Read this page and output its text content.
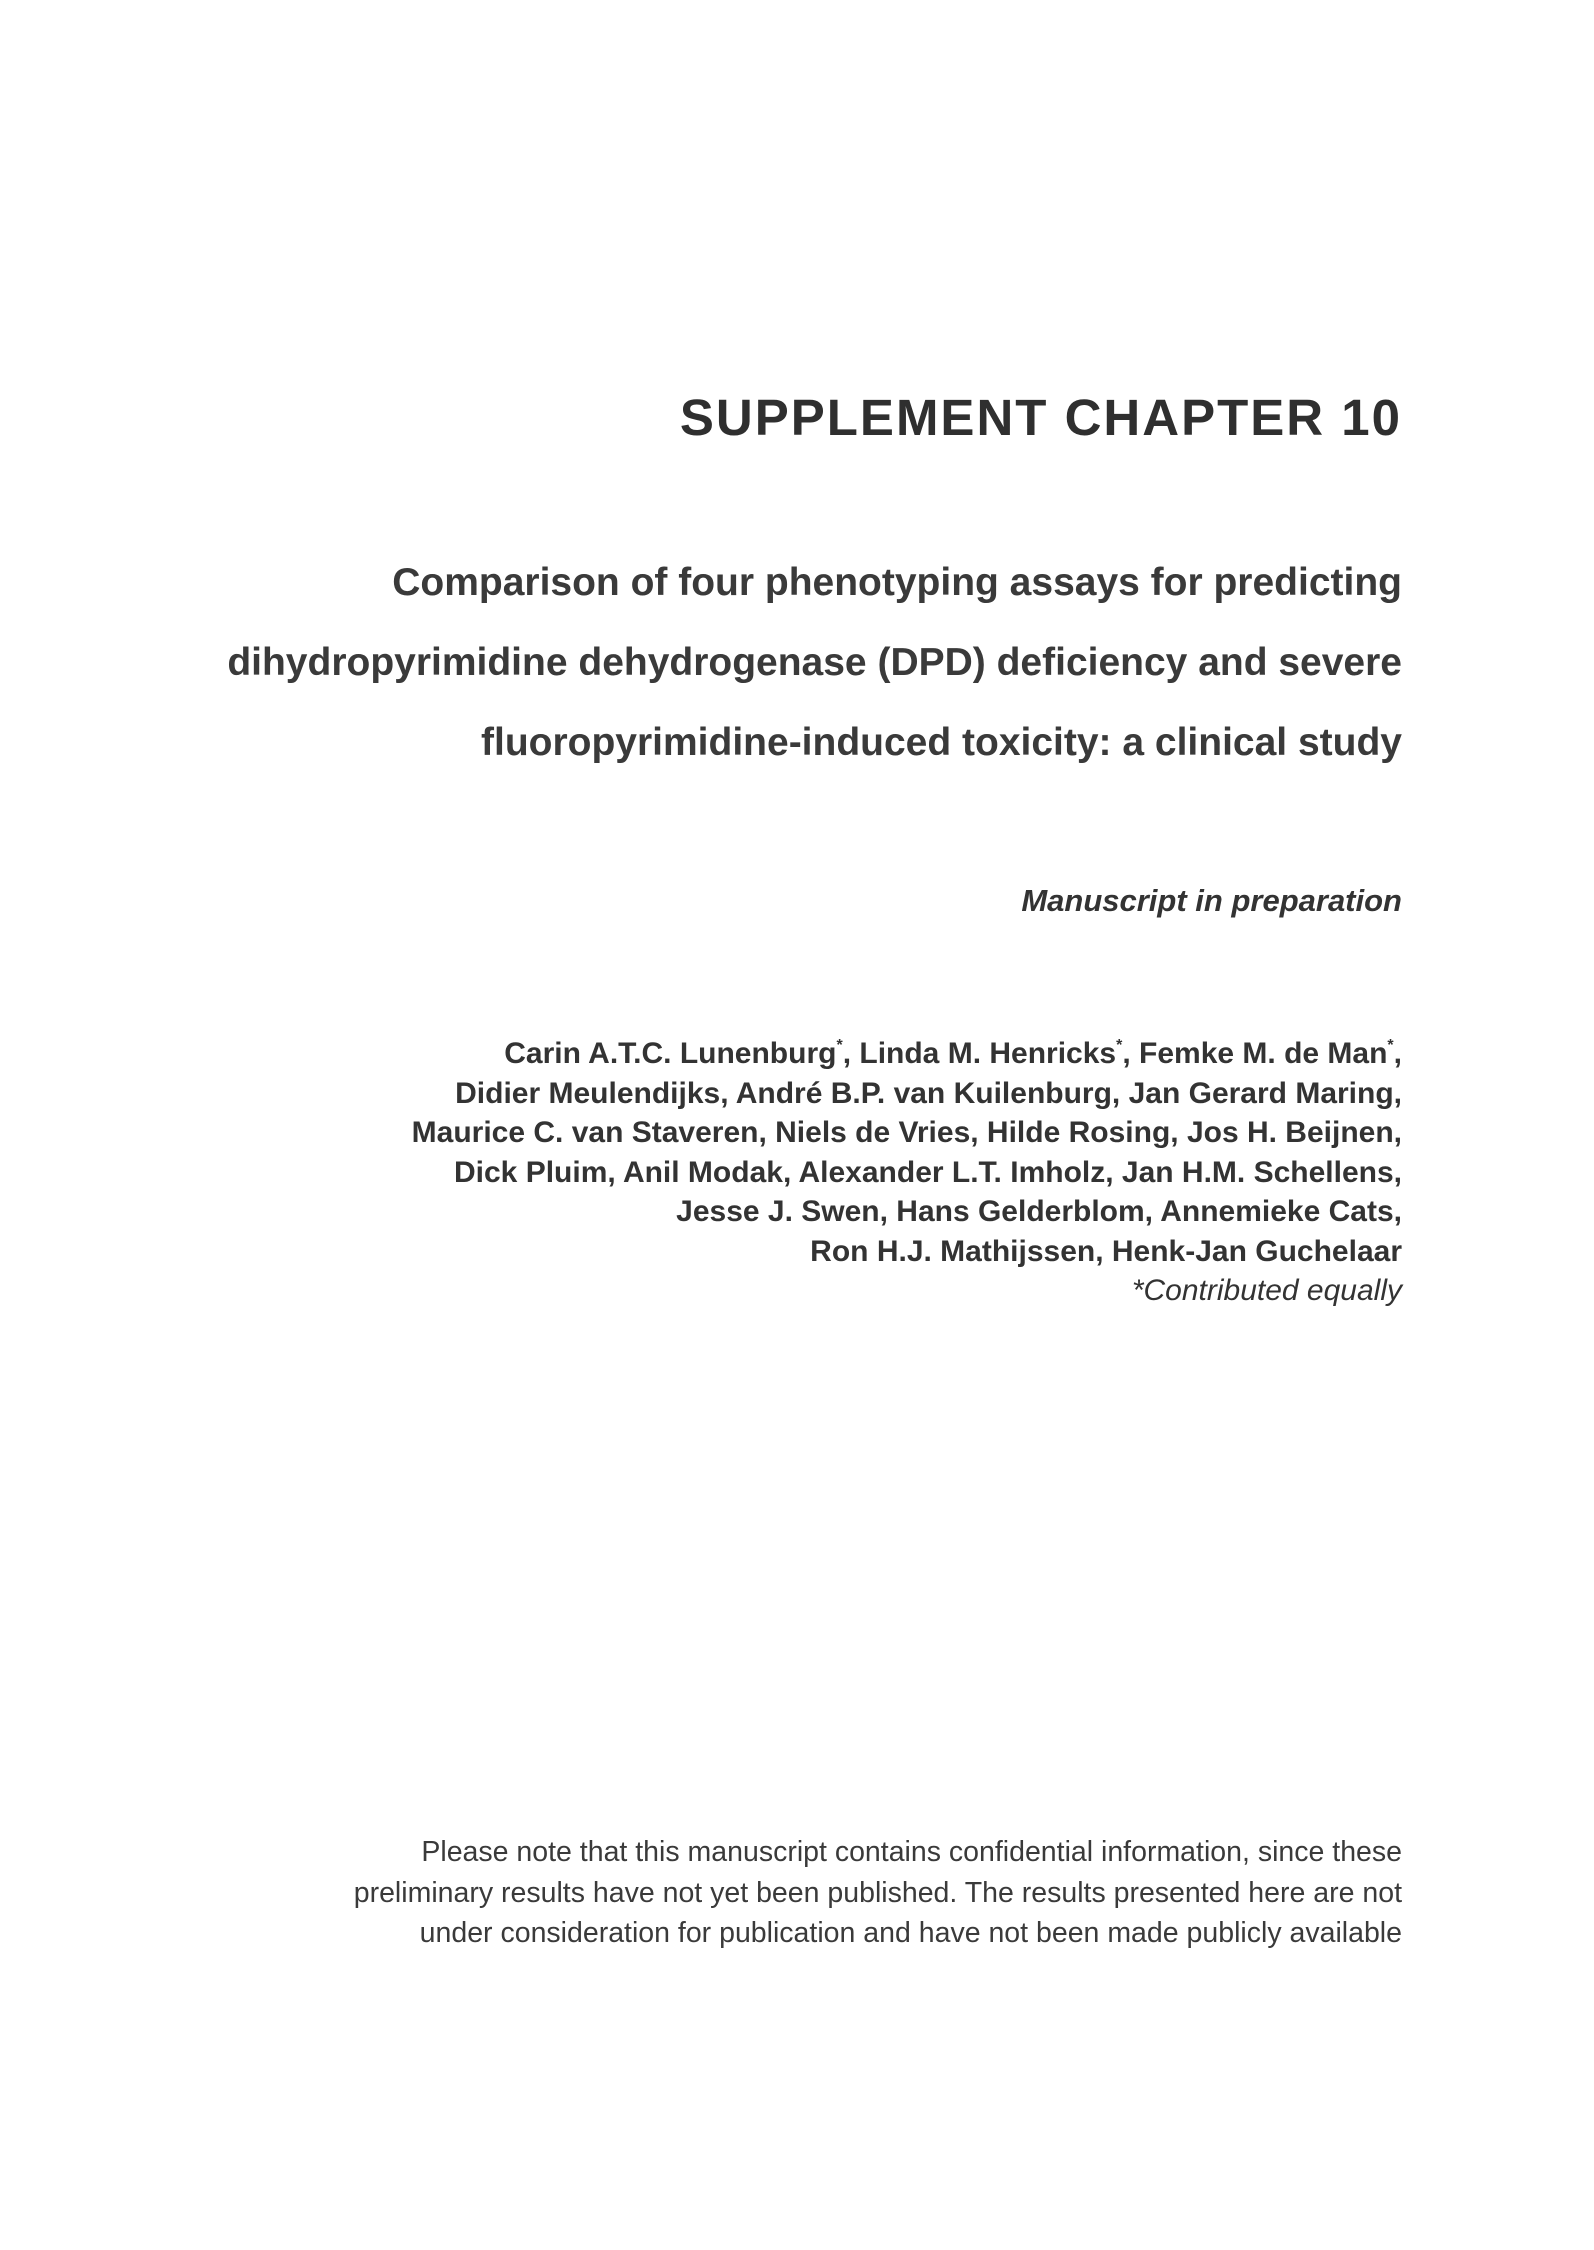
SUPPLEMENT CHAPTER 10
Comparison of four phenotyping assays for predicting
dihydropyrimidine dehydrogenase (DPD) deficiency and severe
fluoropyrimidine-induced toxicity: a clinical study
Manuscript in preparation
Carin A.T.C. Lunenburg*, Linda M. Henricks*, Femke M. de Man*,
Didier Meulendijks, André B.P. van Kuilenburg, Jan Gerard Maring,
Maurice C. van Staveren, Niels de Vries, Hilde Rosing, Jos H. Beijnen,
Dick Pluim, Anil Modak, Alexander L.T. Imholz, Jan H.M. Schellens,
Jesse J. Swen, Hans Gelderblom, Annemieke Cats,
Ron H.J. Mathijssen, Henk-Jan Guchelaar
*Contributed equally
Please note that this manuscript contains confidential information, since these
preliminary results have not yet been published. The results presented here are not
under consideration for publication and have not been made publicly available
